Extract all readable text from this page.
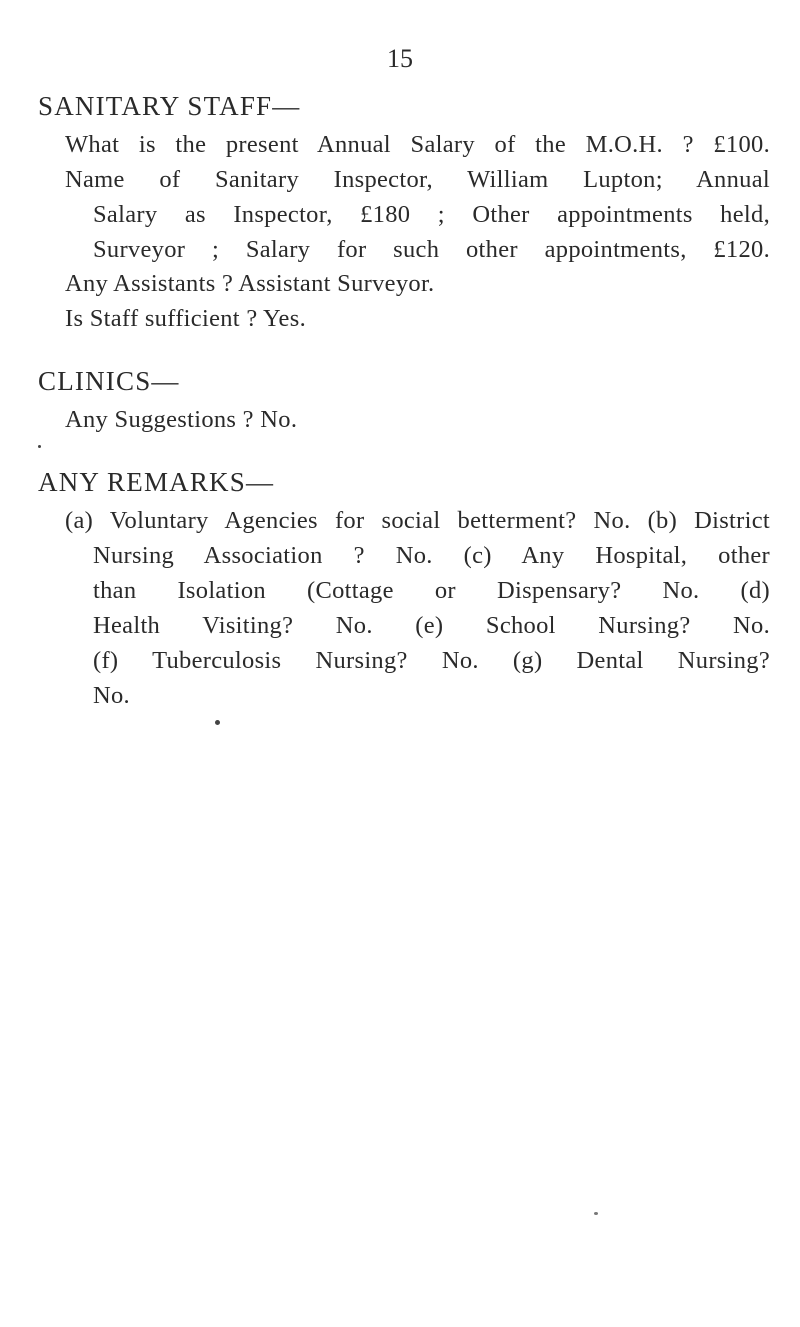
15
SANITARY STAFF—
What is the present Annual Salary of the M.O.H. ? £100.
Name of Sanitary Inspector, William Lupton; Annual
Salary as Inspector, £180 ; Other appointments held,
Surveyor ; Salary for such other appointments, £120.
Any Assistants ? Assistant Surveyor.
Is Staff sufficient ? Yes.
CLINICS—
Any Suggestions ? No.
ANY REMARKS—
(a) Voluntary Agencies for social betterment? No. (b) District
Nursing Association ? No. (c) Any Hospital, other
than Isolation (Cottage or Dispensary? No. (d)
Health Visiting? No. (e) School Nursing? No.
(f) Tuberculosis Nursing? No. (g) Dental Nursing?
No.
